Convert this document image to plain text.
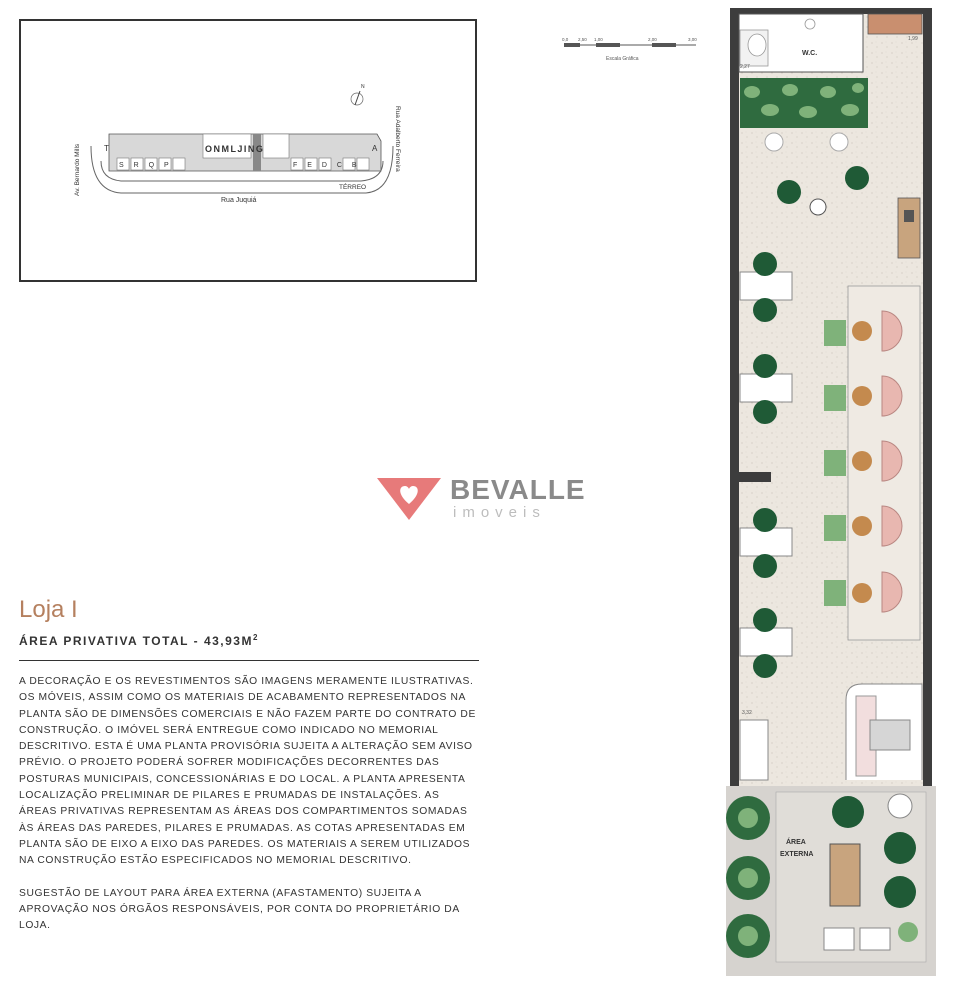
T	A
O N M L J I N G
S R Q P	F E D C B
TÉRREO
Rua Juquiá
Av. Bernardo Mills	Rua Adalberto Ferreira
N
0,0 2,50 1,00	2,00	3,00
Escala Gráfica
BEVALLE
imoveis
Loja I
ÁREA PRIVATIVA TOTAL - $43,93M^2$

A DECORAÇÃO E OS REVESTIMENTOS SÃO IMAGENS MERAMENTE ILUSTRATIVAS. OS MÓVEIS, ASSIM COMO OS MATERIAIS DE ACABAMENTO REPRESENTADOS NA PLANTA SÃO DE DIMENSÕES COMERCIAIS E NÃO FAZEM PARTE DO CONTRATO DE CONSTRUÇÃO. O IMÓVEL SERÁ ENTREGUE COMO INDICADO NO MEMORIAL DESCRITIVO. ESTA É UMA PLANTA PROVISÓRIA SUJEITA A ALTERAÇÃO SEM AVISO PRÉVIO. O PROJETO PODERÁ SOFRER MODIFICAÇÕES DECORRENTES DAS POSTURAS MUNICIPAIS, CONCESSIONÁRIAS E DO LOCAL. A PLANTA APRESENTA LOCALIZAÇÃO PRELIMINAR DE PILARES E PRUMADAS DE INSTALAÇÕES. AS ÁREAS PRIVATIVAS REPRESENTAM AS ÁREAS DOS COMPARTIMENTOS SOMADAS ÀS ÁREAS DAS PAREDES, PILARES E PRUMADAS. AS COTAS APRESENTADAS EM PLANTA SÃO DE EIXO A EIXO DAS PAREDES. OS MATERIAIS A SEREM UTILIZADOS NA CONSTRUÇÃO ESTÃO ESPECIFICADOS NO MEMORIAL DESCRITIVO.

SUGESTÃO DE LAYOUT PARA ÁREA EXTERNA (AFASTAMENTO) SUJEITA A APROVAÇÃO NOS ÓRGÃOS RESPONSÁVEIS, POR CONTA DO PROPRIETÁRIO DA LOJA.

W.C.
2,27
1,99
3,32
ÁREA
EXTERNA
